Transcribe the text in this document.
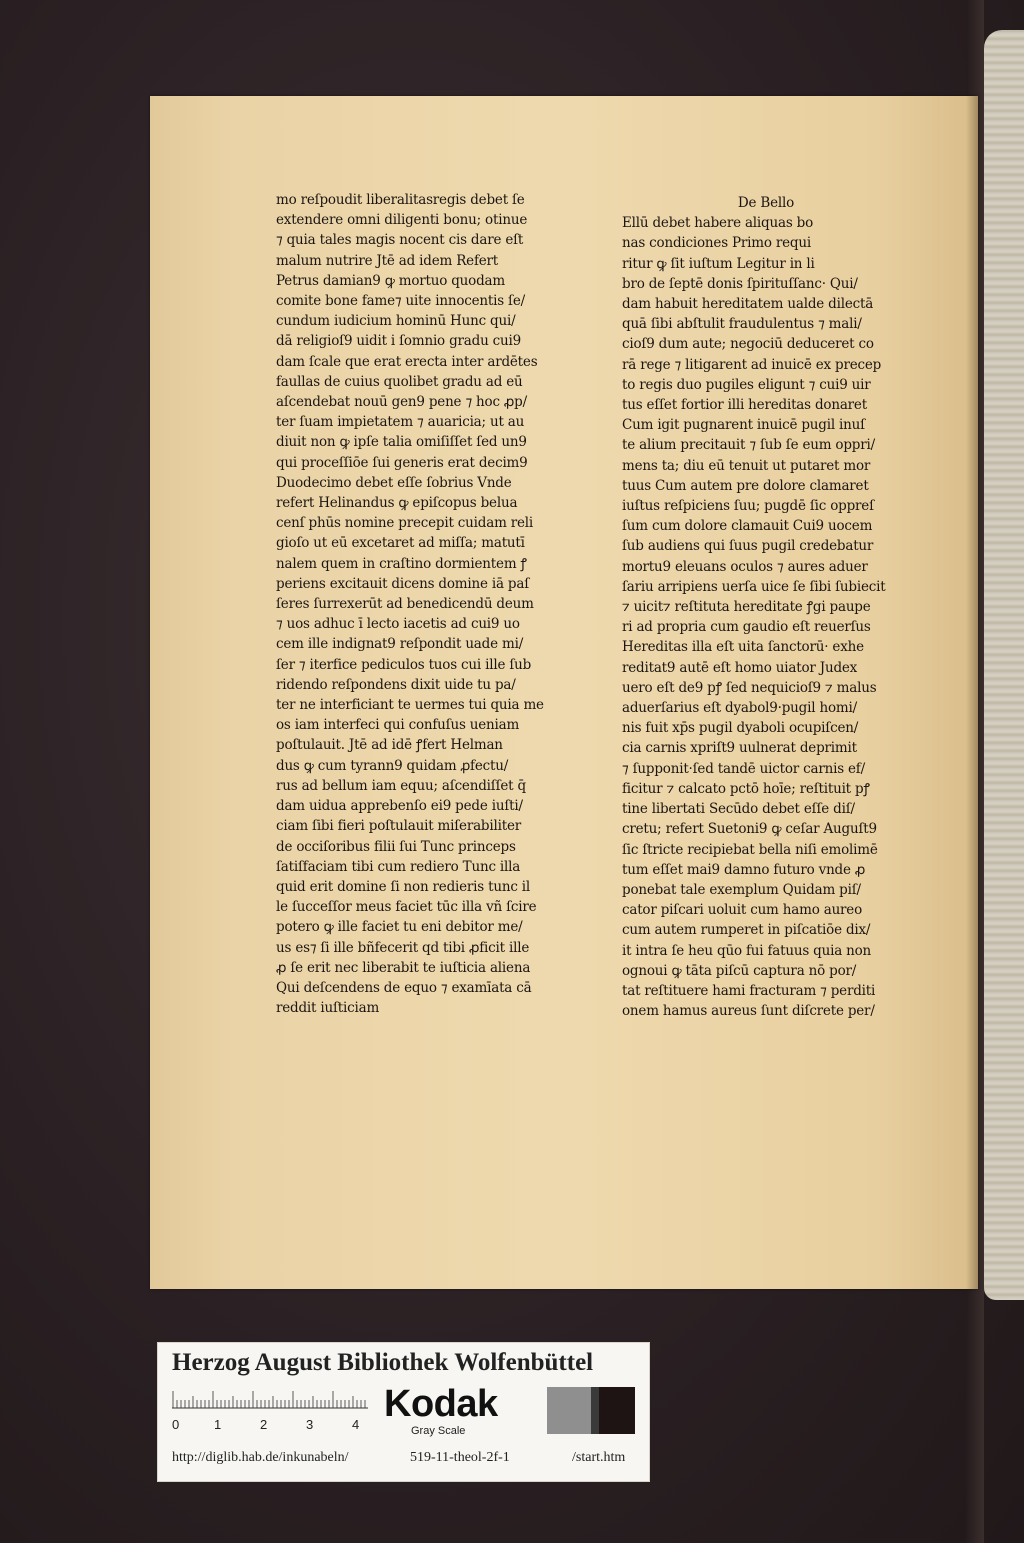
mo reſpoudit liberalitasregis debet ſe

extendere omni diligenti bonu; otinue

⁊ quia tales magis nocent cis dare eſt

malum nutrire Jtē ad idem Refert

Petrus damian9 ꝙ mortuo quodam

comite bone fame⁊ uite innocentis ſe/

cundum iudicium hominū Hunc qui/

dā religioſ9 uidit i ſomnio gradu cui9

dam ſcale que erat erecta inter ardētes

faullas de cuius quolibet gradu ad eū

aſcendebat nouū gen9 pene ⁊ hoc ꝓp/

ter ſuam impietatem ⁊ auaricia; ut au

diuit non ꝙ ipſe talia omiſiſſet ſed un9

qui proceſſiōe ſui generis erat decim9

Duodecimo debet eſſe ſobrius Vnde

refert Helinandus ꝙ epiſcopus belua

cenſ phūs nomine precepit cuidam reli

gioſo ut eū excetaret ad miſſa; matutī

nalem quem in craſtino dormientem ꝭ

periens excitauit dicens domine iā paſ

ſeres ſurrexerūt ad benedicendū deum

⁊ uos adhuc ī lecto iacetis ad cui9 uo

cem ille indignat9 reſpondit uade mi/

ſer ⁊ iterfice pediculos tuos cui ille ſub

ridendo reſpondens dixit uide tu pa/

ter ne interficiant te uermes tui quia me

os iam interfeci qui confuſus ueniam

poſtulauit. Jtē ad idē ꝭfert Helman

dus ꝙ cum tyrann9 quidam ꝓfectu/

rus ad bellum iam equu; aſcendiſſet q̄

dam uidua apprebenſo ei9 pede iuſti/

ciam ſibi fieri poſtulauit miſerabiliter

de occiſoribus filii ſui Tunc princeps

ſatiſfaciam tibi cum rediero Tunc illa

quid erit domine ſi non redieris tunc il

le ſucceſſor meus faciet tūc illa vñ ſcire

potero ꝙ ille faciet tu eni debitor me/

us es⁊ ſi ille bñfecerit qd tibi ꝓficit ille

ꝓ ſe erit nec liberabit te iuſticia aliena

Qui deſcendens de equo ⁊ examīata cā

reddit iuſticiam

De Bello

Ellū debet habere aliquas bo

nas condiciones Primo requi

ritur ꝙ ſit iuſtum Legitur in li

bro de ſeptē donis ſpirituſſanc· Qui/

dam habuit hereditatem ualde dilectā

quā ſibi abſtulit fraudulentus ⁊ mali/

cioſ9 dum aute; negociū deduceret co

rā rege ⁊ litigarent ad inuicē ex precep

to regis duo pugiles eligunt ⁊ cui9 uir

tus eſſet fortior illi hereditas donaret

Cum igit pugnarent inuicē pugil inuſ

te alium precitauit ⁊ ſub ſe eum oppri/

mens ta; diu eū tenuit ut putaret mor

tuus Cum autem pre dolore clamaret

iuſtus reſpiciens ſuu; pugdē ſic oppreſ

ſum cum dolore clamauit Cui9 uocem

ſub audiens qui ſuus pugil credebatur

mortu9 eleuans oculos ⁊ aures aduer

ſariu arripiens uerſa uice ſe ſibi ſubiecit

⁊ uicit⁊ reſtituta hereditate ꝭgi paupe

ri ad propria cum gaudio eſt reuerſus

Hereditas illa eſt uita ſanctorū· exhe

reditat9 autē eſt homo uiator Judex

uero eſt de9 pꝭ ſed nequicioſ9 ⁊ malus

aduerſarius eſt dyabol9·pugil homi/

nis fuit xp̄s pugil dyaboli ocupiſcen/

cia carnis xpriſt9 uulnerat deprimit

⁊ ſupponit·ſed tandē uictor carnis ef/

ficitur ⁊ calcato pctō hoīe; reſtituit pꝭ

tine libertati Secūdo debet eſſe diſ/

cretu; refert Suetoni9 ꝙ ceſar Auguſt9

ſic ſtricte recipiebat bella niſi emolimē

tum eſſet mai9 damno futuro vnde ꝓ

ponebat tale exemplum Quidam piſ/

cator piſcari uoluit cum hamo aureo

cum autem rumperet in piſcatiōe dix/

it intra ſe heu qūo fui fatuus quia non

ognoui ꝙ tāta piſcū captura nō por/

tat reſtituere hami fracturam ⁊ perditi

onem hamus aureus ſunt diſcrete per/

Herzog August Bibliothek Wolfenbüttel
0	1	2	3	4 Kodak
Gray Scale
http://diglib.hab.de/inkunabeln/	519-11-theol-2f-1	/start.htm
